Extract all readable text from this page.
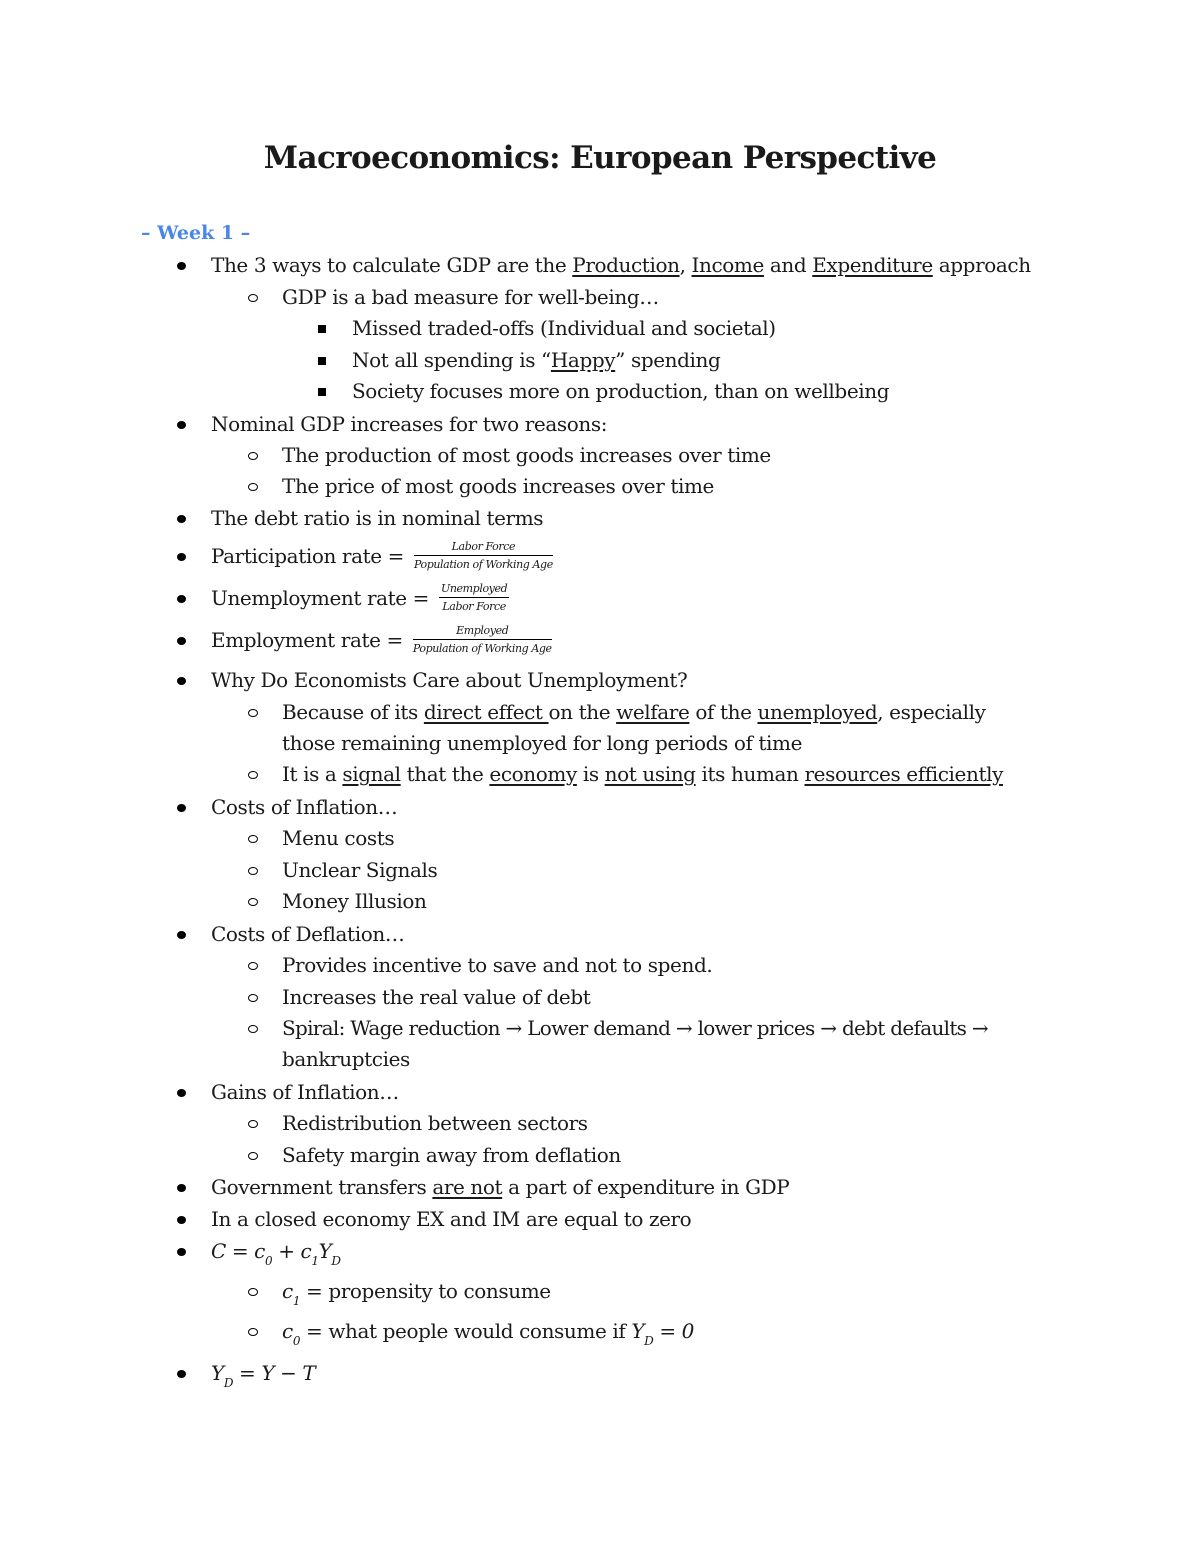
Macroeconomics: European Perspective
– Week 1 –
The 3 ways to calculate GDP are the Production, Income and Expenditure approach
GDP is a bad measure for well-being…
Missed traded-offs (Individual and societal)
Not all spending is “Happy” spending
Society focuses more on production, than on wellbeing
Nominal GDP increases for two reasons:
The production of most goods increases over time
The price of most goods increases over time
The debt ratio is in nominal terms
Participation rate = $\frac{\text{Labor Force}}{\text{Population of Working Age}}$
Unemployment rate = $\frac{\text{Unemployed}}{\text{Labor Force}}$
Employment rate = $\frac{\text{Employed}}{\text{Population of Working Age}}$
Why Do Economists Care about Unemployment?
Because of its direct effect on the welfare of the unemployed, especially
those remaining unemployed for long periods of time
It is a signal that the economy is not using its human resources efficiently
Costs of Inflation…
Menu costs
Unclear Signals
Money Illusion
Costs of Deflation…
Provides incentive to save and not to spend.
Increases the real value of debt
Spiral: Wage reduction → Lower demand → lower prices → debt defaults →
bankruptcies
Gains of Inflation…
Redistribution between sectors
Safety margin away from deflation
Government transfers are not a part of expenditure in GDP
In a closed economy EX and IM are equal to zero
$C = c_0 + c_1Y_D$
$c_1$ = propensity to consume
$c_0$ = what people would consume if $Y_D = 0$
$Y_D = Y - T$
